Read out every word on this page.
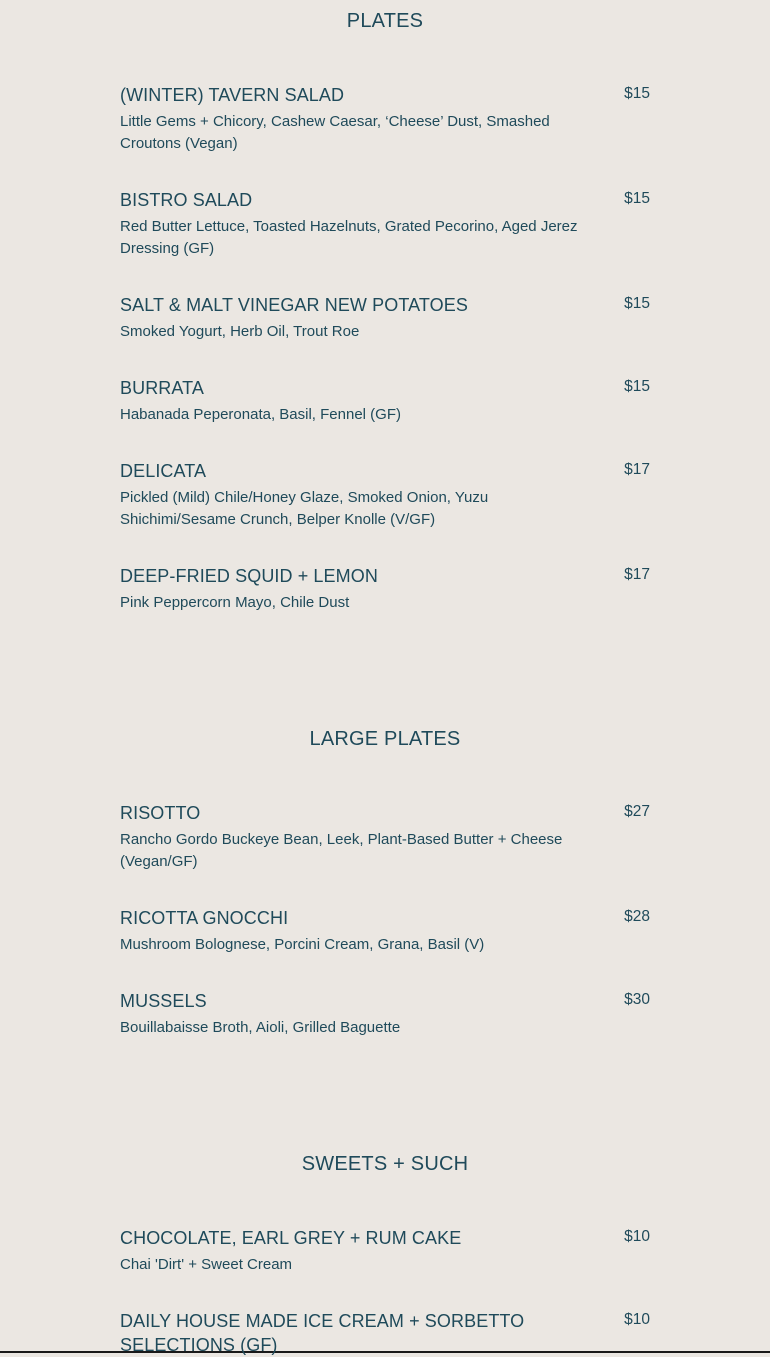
PLATES
(WINTER) TAVERN SALAD	$15
Little Gems + Chicory, Cashew Caesar, ‘Cheese’ Dust, Smashed Croutons (Vegan)
BISTRO SALAD	$15
Red Butter Lettuce, Toasted Hazelnuts, Grated Pecorino, Aged Jerez Dressing (GF)
SALT & MALT VINEGAR NEW POTATOES	$15
Smoked Yogurt, Herb Oil, Trout Roe
BURRATA	$15
Habanada Peperonata, Basil, Fennel (GF)
DELICATA	$17
Pickled (Mild) Chile/Honey Glaze, Smoked Onion, Yuzu Shichimi/Sesame Crunch, Belper Knolle (V/GF)
DEEP-FRIED SQUID + LEMON	$17
Pink Peppercorn Mayo, Chile Dust
LARGE PLATES
RISOTTO	$27
Rancho Gordo Buckeye Bean, Leek, Plant-Based Butter + Cheese (Vegan/GF)
RICOTTA GNOCCHI	$28
Mushroom Bolognese, Porcini Cream, Grana, Basil (V)
MUSSELS	$30
Bouillabaisse Broth, Aioli, Grilled Baguette
SWEETS + SUCH
CHOCOLATE, EARL GREY + RUM CAKE	$10
Chai 'Dirt' + Sweet Cream
DAILY HOUSE MADE ICE CREAM + SORBETTO SELECTIONS (GF)
$10
